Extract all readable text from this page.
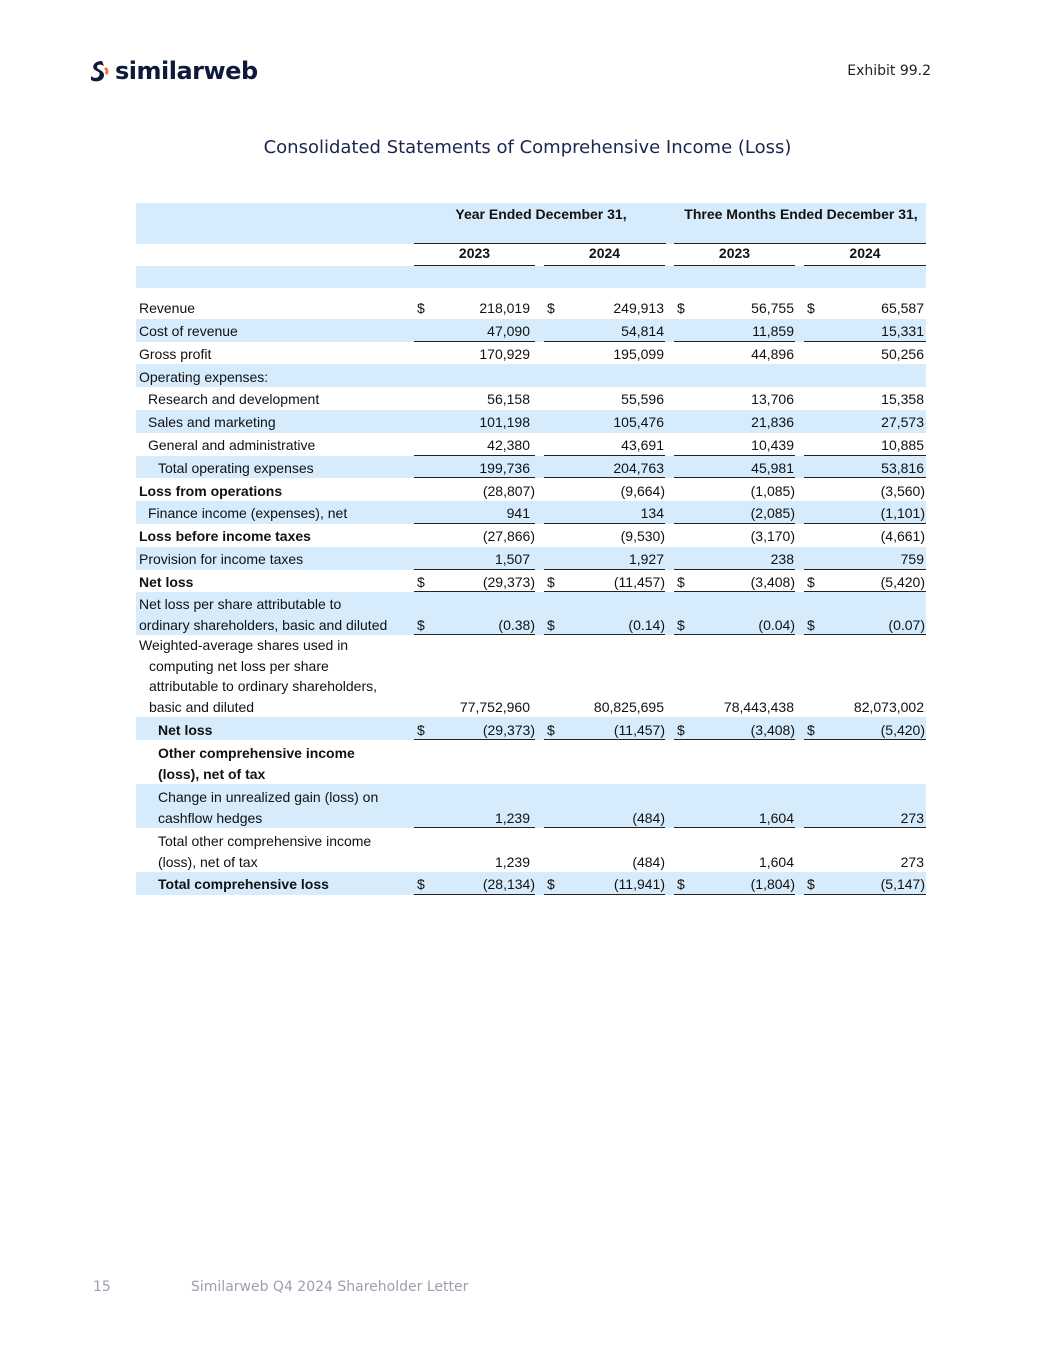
similarweb	Exhibit 99.2
Consolidated Statements of Comprehensive Income (Loss)
Year Ended December 31,	Three Months Ended December 31,
2023	2024	2023	2024
Revenue	$	218,019 $	249,913 $	56,755 $	65,587
Cost of revenue	47,090	54,814	11,859	15,331
Gross profit	170,929	195,099	44,896	50,256
Operating expenses:
Research and development	56,158	55,596	13,706	15,358
Sales and marketing	101,198	105,476	21,836	27,573
General and administrative	42,380	43,691	10,439	10,885
Total operating expenses	199,736	204,763	45,981	53,816
Loss from operations	(28,807)	(9,664)	(1,085)	(3,560)
Finance income (expenses), net	941	134	(2,085)	(1,101)
Loss before income taxes	(27,866)	(9,530)	(3,170)	(4,661)
Provision for income taxes	1,507	1,927	238	759
Net loss	$	(29,373) $	(11,457) $	(3,408) $	(5,420)
Net loss per share attributable to
ordinary shareholders, basic and diluted	$	(0.38) $	(0.14) $	(0.04) $	(0.07)
Weighted-average shares used in
computing net loss per share
attributable to ordinary shareholders,
basic and diluted	77,752,960	80,825,695	78,443,438	82,073,002
Net loss	$	(29,373) $	(11,457) $	(3,408) $	(5,420)
Other comprehensive income
(loss), net of tax
Change in unrealized gain (loss) on
cashflow hedges	1,239	(484)	1,604	273
Total other comprehensive income
(loss), net of tax	1,239	(484)	1,604	273
Total comprehensive loss	$	(28,134) $	(11,941) $	(1,804) $	(5,147)
15	Similarweb Q4 2024 Shareholder Letter
